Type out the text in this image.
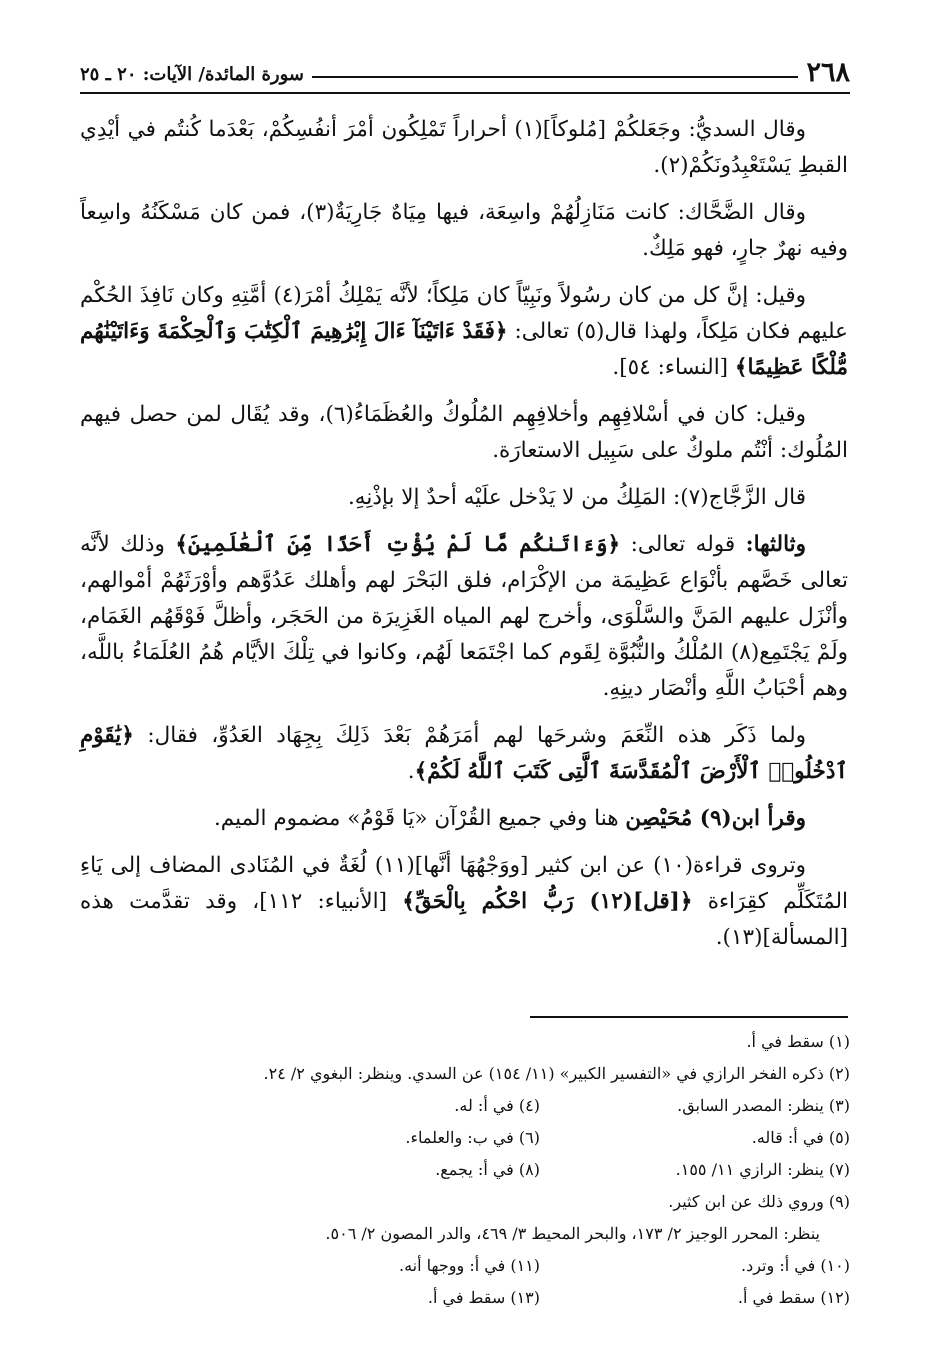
٢٦٨
سورة المائدة/ الآيات: ٢٠ ـ ٢٥

وقال السديُّ: وجَعَلكُمْ [مُلوكاً](١) أحراراً تَمْلِكُون أمْرَ أنفُسِكُمْ، بَعْدَما كُنتُم في أيْدِي القبطِ يَسْتَعْبِدُونَكُمْ(٢).

وقال الضَّحَّاك: كانت مَنَازِلُهُمْ واسِعَة، فيها مِيَاهٌ جَارِيَةٌ(٣)، فمن كان مَسْكَنُهُ واسِعاً وفيه نهرٌ جارٍ، فهو مَلِكٌ.

وقيل: إنَّ كل من كان رسُولاً ونَبِيّاً كان مَلِكاً؛ لأنَّه يَمْلِكُ أمْرَ(٤) أمَّتِهِ وكان نَافِذَ الحُكْم عليهم فكان مَلِكاً، ولهذا قال(٥) تعالى: ﴿فَقَدْ ءَاتَيْنَآ ءَالَ إِبْرَٰهِيمَ ٱلْكِتَٰبَ وَٱلْحِكْمَةَ وَءَاتَيْنَٰهُم مُّلْكًا عَظِيمًا﴾ [النساء: ٥٤].

وقيل: كان في أسْلافِهِم وأخلافِهِم المُلُوكُ والعُظَمَاءُ(٦)، وقد يُقَال لمن حصل فيهم المُلُوك: أنْتُم ملوكٌ على سَبِيل الاستعارَة.

قال الزَّجَّاج(٧): المَلِكُ من لا يَدْخل علَيْه أحدٌ إلا بإذْنِهِ.

وثالثها: قوله تعالى: ﴿وَءَاتَىٰكُم مَّا لَمْ يُؤْتِ أَحَدًا مِّنَ ٱلْعَٰلَمِينَ﴾ وذلك لأنَّه تعالى خَصَّهم بأنْوَاع عَظِيمَة من الإكْرَام، فلق البَحْرَ لهم وأهلك عَدُوَّهم وأوْرَثَهُمْ أمْوالهم، وأنْزَل عليهم المَنَّ والسَّلْوَى، وأخرج لهم المياه الغَزِيرَة من الحَجَر، وأظلَّ فَوْقَهُم الغَمَام، ولَمْ يَجْتَمِع(٨) المُلْكُ والنُّبُوَّة لِقَوم كما اجْتَمَعا لَهُم، وكانوا في تِلْكَ الأيَّام هُمُ العُلَمَاءُ باللَّه، وهم أحْبَابُ اللَّهِ وأنْصَار دينِهِ.

ولما ذَكَر هذه النِّعَمَ وشرحَها لهم أمَرَهُمْ بَعْدَ ذَلِكَ بِجِهَاد العَدُوِّ، فقال: ﴿يَٰقَوْمِ ٱدْخُلُوا۟ ٱلْأَرْضَ ٱلْمُقَدَّسَةَ ٱلَّتِى كَتَبَ ٱللَّهُ لَكُمْ﴾.

وقرأ ابن(٩) مُحَيْصِن هنا وفي جميع القُرْآن «يَا قَوْمُ» مضموم الميم.

وتروى قراءة(١٠) عن ابن كثير [ووَجْهُهَا أنَّها](١١) لُغَةٌ في المُنَادى المضاف إلى يَاءِ المُتَكَلِّم كقِرَاءة ﴿[قل](١٢) رَبُّ احْكُم بِالْحَقِّ﴾ [الأنبياء: ١١٢]، وقد تقدَّمت هذه [المسألة](١٣).

(١) سقط في أ.
(٢) ذكره الفخر الرازي في «التفسير الكبير» (١١/ ١٥٤) عن السدي. وينظر: البغوي ٢/ ٢٤.
(٣) ينظر: المصدر السابق.
(٤) في أ: له.
(٥) في أ: قاله.
(٦) في ب: والعلماء.
(٧) ينظر: الرازي ١١/ ١٥٥.
(٨) في أ: يجمع.
(٩) وروي ذلك عن ابن كثير.
ينظر: المحرر الوجيز ٢/ ١٧٣، والبحر المحيط ٣/ ٤٦٩، والدر المصون ٢/ ٥٠٦.
(١٠) في أ: وترد.
(١١) في أ: ووجها أنه.
(١٢) سقط في أ.
(١٣) سقط في أ.
